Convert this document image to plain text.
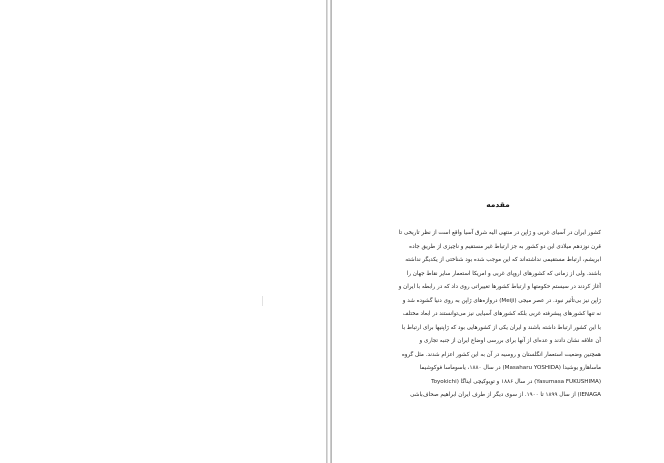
مقدمه
کشور ایران در آسیای غربی و ژاپن در منتهی الیه شرق آسیا واقع است از نظر تاریخی تا
قرن نوزدهم میلادی این دو کشور به جز ارتباط غیر مستقیم و ناچیزی از طریق جاده
ابریشم، ارتباط مستقیمی نداشته‌اند که این موجب شده بود شناختی از یکدیگر نداشته
باشند. ولی از زمانی که کشورهای اروپای غربی و امریکا استعمار سایر نقاط جهان را
آغاز کردند در سیستم حکومتها و ارتباط کشورها تغییراتی روی داد که در رابطه با ایران و
ژاپن نیز بی‌تأثیر نبود. در عصر میجی (Meiji) دروازه‌های ژاپن به روی دنیا گشوده شد و
نه تنها کشورهای پیشرفته غربی بلکه کشورهای آسیایی نیز می‌توانستند در ابعاد مختلف
با این کشور ارتباط داشته باشند و ایران یکی از کشورهایی بود که ژاپنیها برای ارتباط با
آن علاقه نشان دادند و عده‌ای از آنها برای بررسی اوضاع ایران از جنبه تجاری و
همچنین وضعیت استعمار انگلستان و روسیه در آن به این کشور اعزام شدند. مثل گروه
ماساهارو یوشیدا (Masaharu YOSHIDA) در سال ۱۸۸۰، یاسوماسا فوکوشیما
(Yasumasa FUKUSHIMA) در سال ۱۸۸۶ و تویوکیچی ایناگا (Toyokichi
IENAGA) از سال ۱۸۹۹ تا ۱۹۰۰. از سوی دیگر از طرف ایران ابراهیم صحاف‌باشی
